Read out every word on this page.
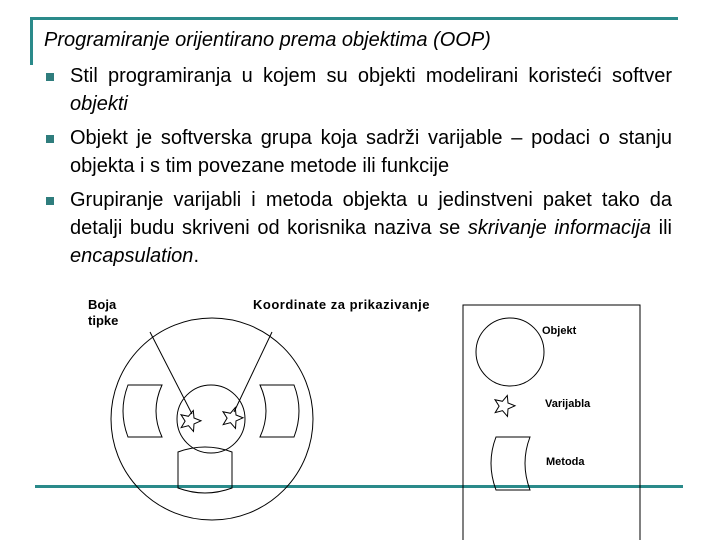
Programiranje orijentirano prema objektima (OOP)
Stil programiranja u kojem su objekti modelirani koristeći softver objekti
Objekt je softverska grupa koja sadrži varijable – podaci o stanju objekta i s tim povezane metode ili funkcije
Grupiranje varijabli i metoda objekta u jedinstveni paket tako da detalji budu skriveni od korisnika naziva se skrivanje informacija ili encapsulation.
Boja tipke
Koordinate za prikazivanje
Objekt
Varijabla
Metoda
